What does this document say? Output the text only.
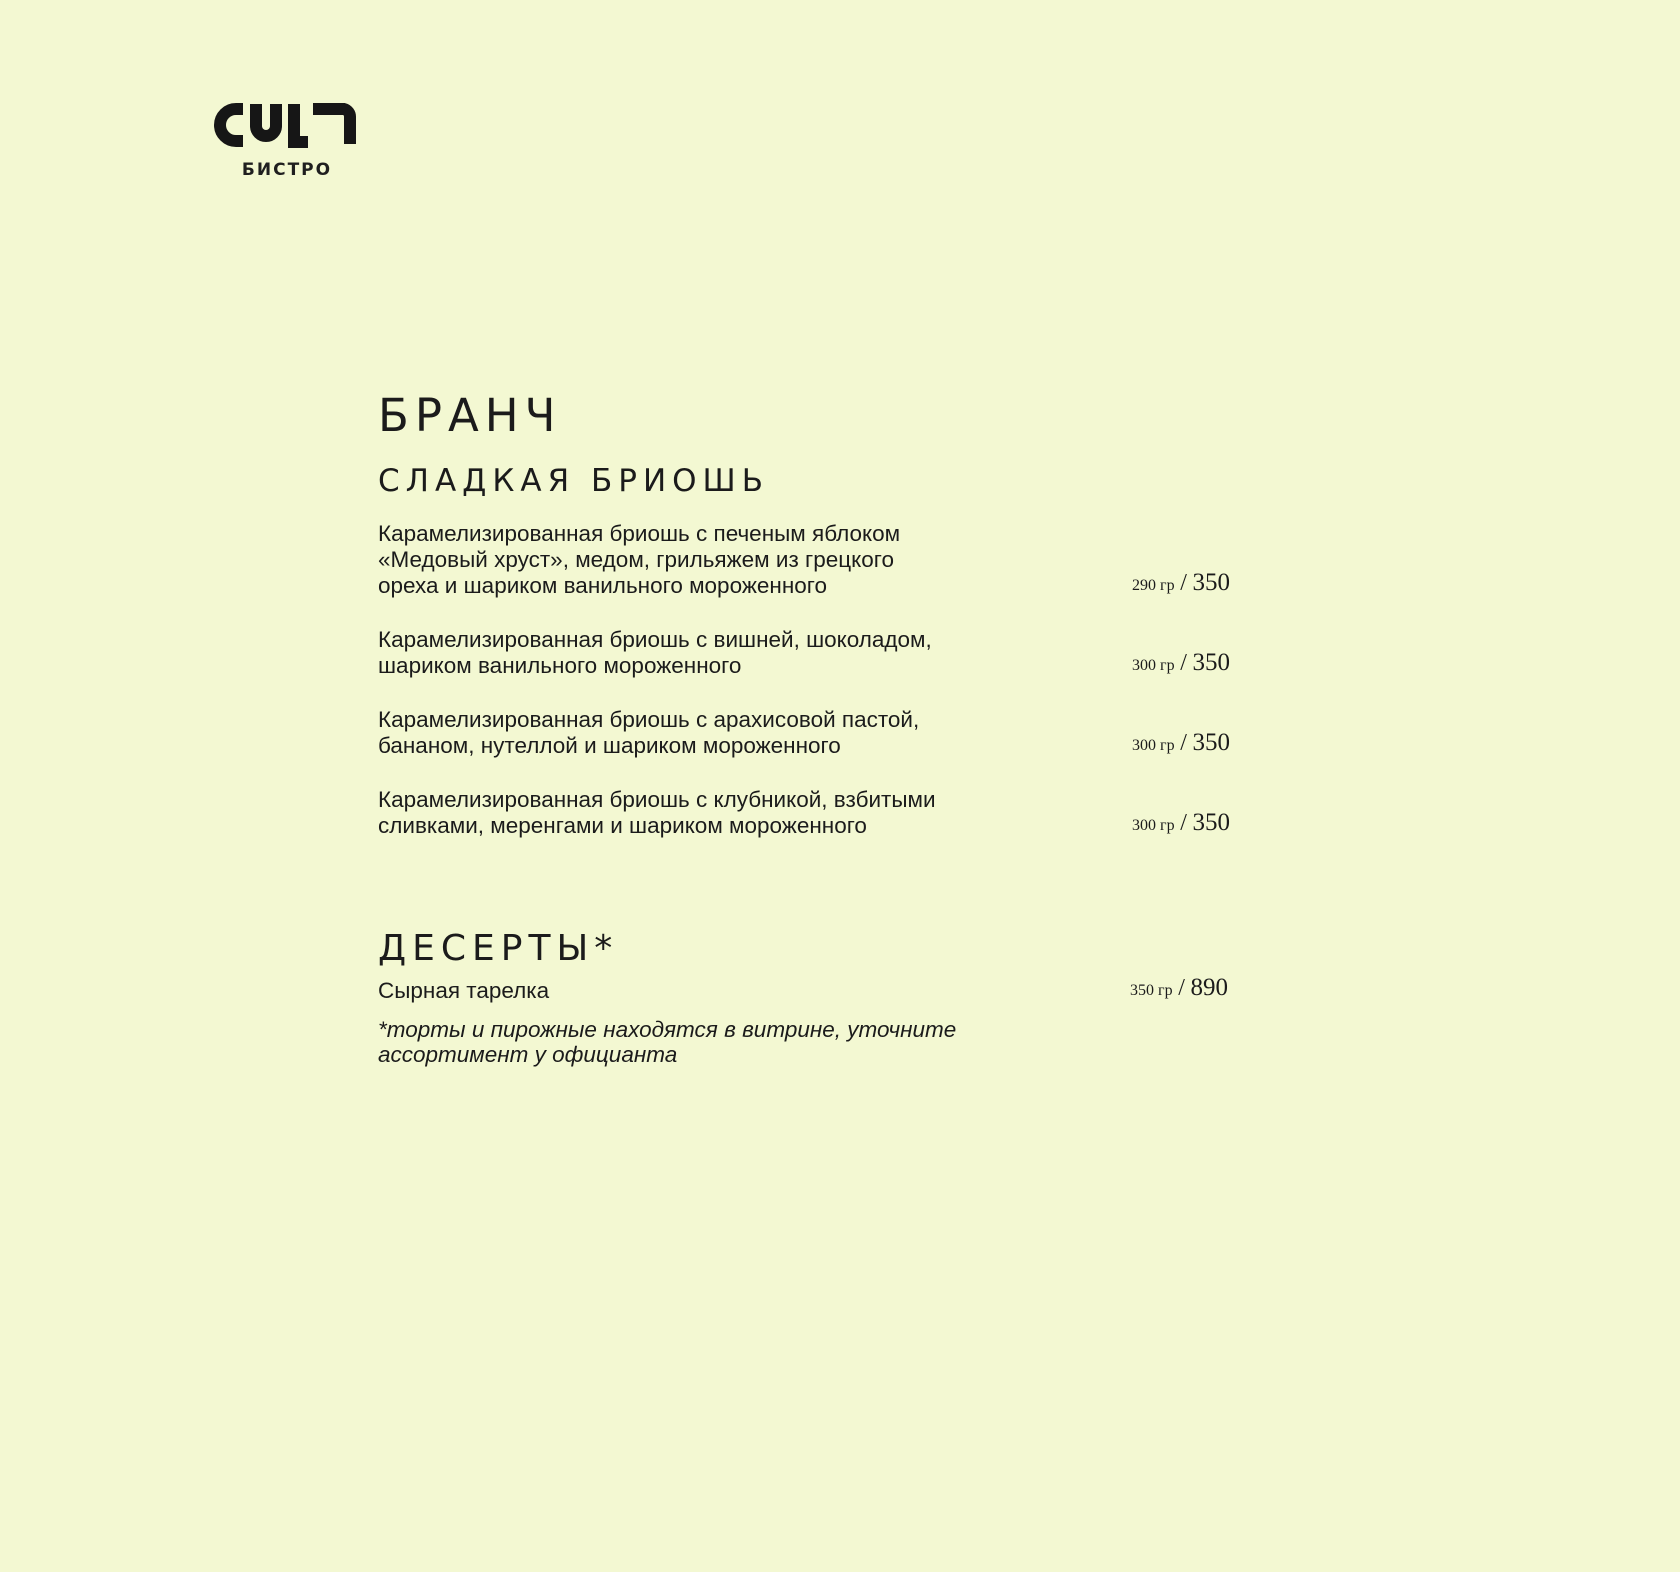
БИСТРО
БРАНЧ
СЛАДКАЯ БРИОШЬ
Карамелизированная бриошь с печеным яблоком
«Медовый хруст», медом, грильяжем из грецкого
ореха и шариком ванильного мороженного	290 гр / 350
Карамелизированная бриошь с вишней, шоколадом,
шариком ванильного мороженного	300 гр / 350
Карамелизированная бриошь с арахисовой пастой,
бананом, нутеллой и шариком мороженного	300 гр / 350
Карамелизированная бриошь с клубникой, взбитыми
сливками, меренгами и шариком мороженного	300 гр / 350
ДЕСЕРТЫ*
Сырная тарелка	350 гр / 890
*торты и пирожные находятся в витрине, уточните
ассортимент у официанта
